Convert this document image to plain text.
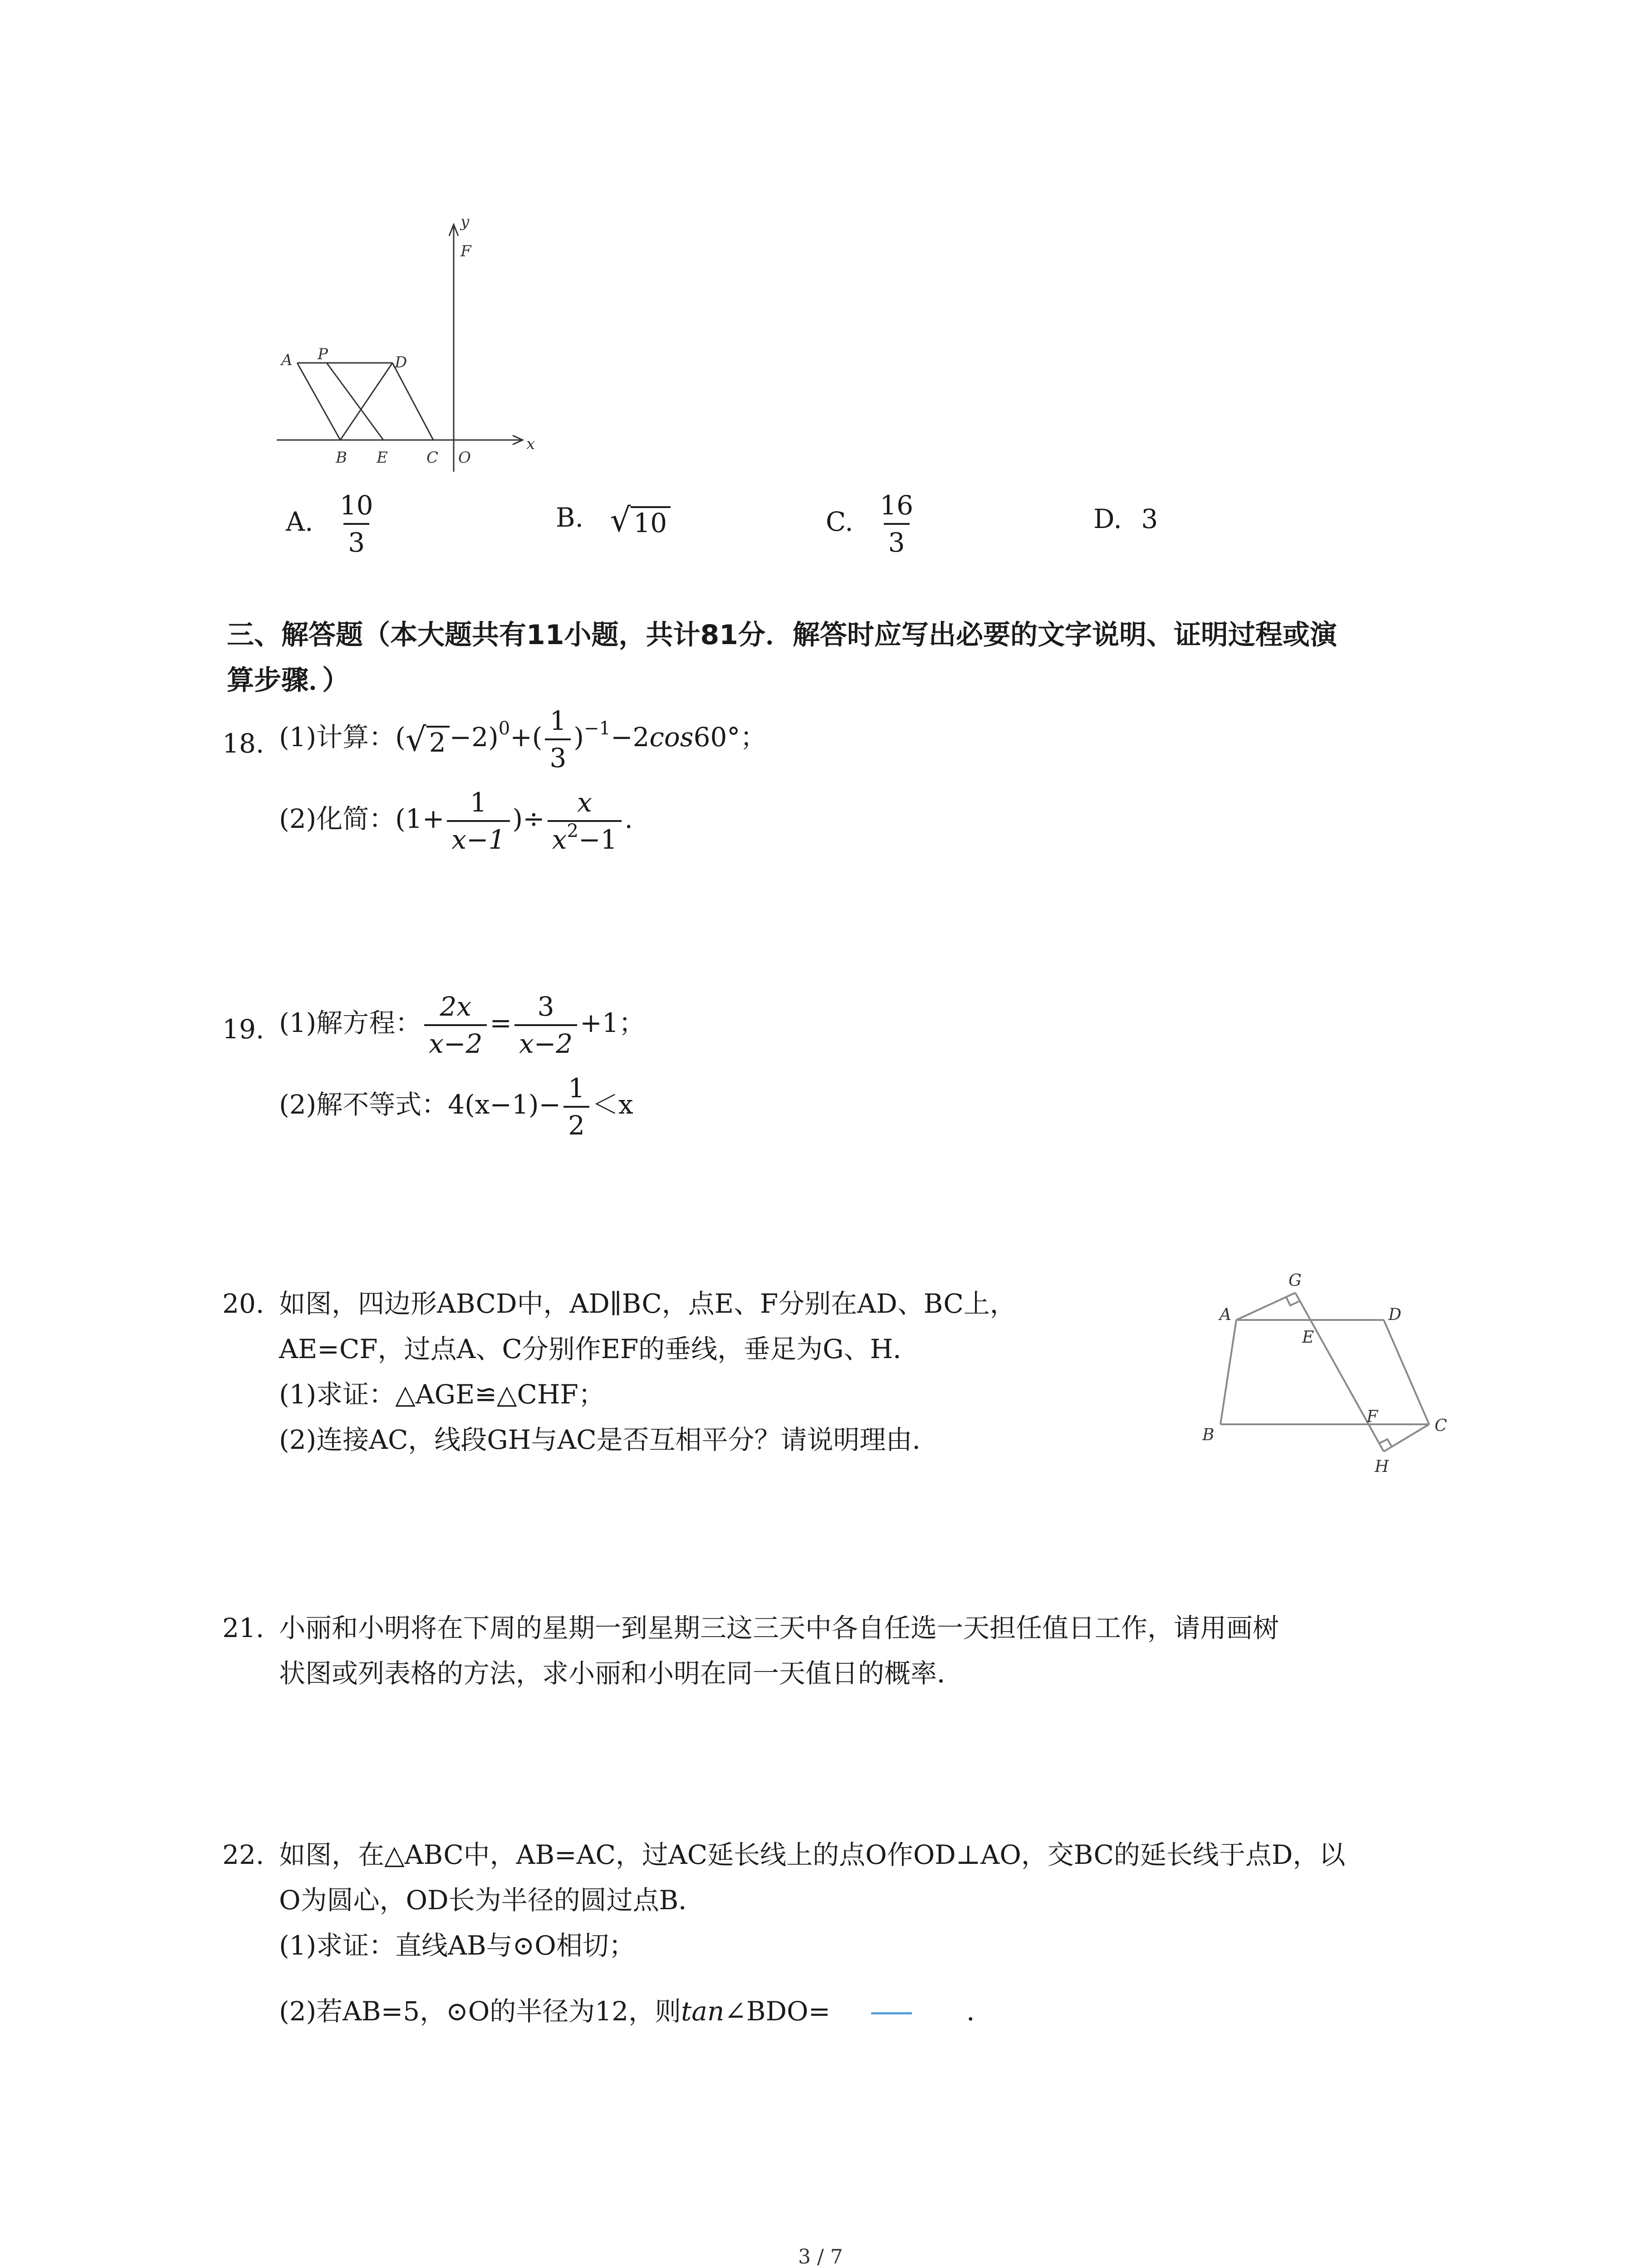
y
F
A P	D
B E	C O
x
A. $\frac{10}{3}$	B. √ 10	C. $\frac{16}{3}$	D. 3
三、解答题（本大题共有11小题，共计81分．解答时应写出必要的文字说明、证明过程或演
算步骤．）
18. (1)计算：( √ $2 -2)^0+( \frac{1}{3} )^{-1}-2\cos 60^\circ$；
(2)化简：($1+ \frac{1}{x-1}$ )÷ $\frac{x}{x^2-1}$ .
19. (1)解方程： $\frac{2x}{x-2} = \frac{3}{x-2} +1$；
(2)解不等式：$4(x-1)- \frac{1}{2} <x$
20. 如图，四边形ABCD中，AD∥BC，点E、F分别在AD、BC上，
AE=CF，过点A、C分别作EF的垂线，垂足为G、H．
(1)求证：△AGE≌△CHF；
(2)连接AC，线段GH与AC是否互相平分？请说明理由．
G
A	D
E
F	C
B
H
21. 小丽和小明将在下周的星期一到星期三这三天中各自任选一天担任值日工作，请用画树
状图或列表格的方法，求小丽和小明在同一天值日的概率．
22. 如图，在△ABC中，AB=AC，过AC延长线上的点O作OD⊥AO，交BC的延长线于点D，以
O为圆心，OD长为半径的圆过点B．
(1)求证：直线AB与⊙O相切；
(2)若AB=5，⊙O的半径为12，则tan∠BDO=	．
3 / 7
